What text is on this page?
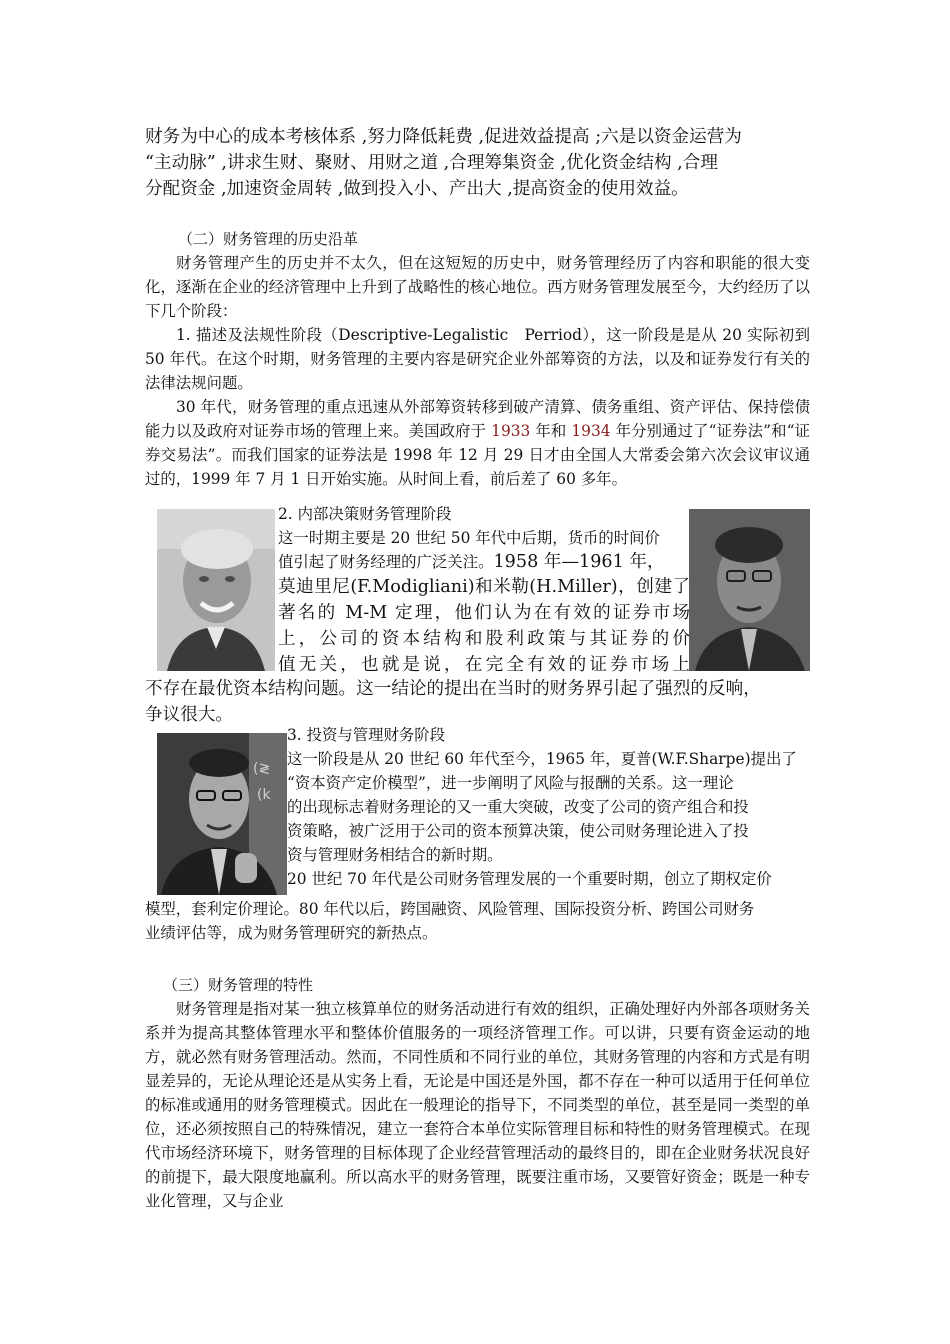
财务为中心的成本考核体系 ,努力降低耗费 ,促进效益提高 ;六是以资金运营为

“主动脉” ,讲求生财、聚财、用财之道 ,合理筹集资金 ,优化资金结构 ,合理

分配资金 ,加速资金周转 ,做到投入小、产出大 ,提高资金的使用效益。

（二）财务管理的历史沿革

财务管理产生的历史并不太久，但在这短短的历史中，财务管理经历了内容和职能的很大变化，逐渐在企业的经济管理中上升到了战略性的核心地位。西方财务管理发展至今，大约经历了以下几个阶段：

1. 描述及法规性阶段（Descriptive-Legalistic　Perriod），这一阶段是是从 20 实际初到 50 年代。在这个时期，财务管理的主要内容是研究企业外部筹资的方法，以及和证券发行有关的法律法规问题。

30 年代，财务管理的重点迅速从外部筹资转移到破产清算、债务重组、资产评估、保持偿债能力以及政府对证券市场的管理上来。美国政府于 1933 年和 1934 年分别通过了“证券法”和“证券交易法”。而我们国家的证券法是 1998 年 12 月 29 日才由全国人大常委会第六次会议审议通过的，1999 年 7 月 1 日开始实施。从时间上看，前后差了 60 多年。

2. 内部决策财务管理阶段
这一时期主要是 20 世纪 50 年代中后期，货币的时间价
值引起了财务经理的广泛关注。1958 年—1961 年，
莫迪里尼(F.Modigliani)和米勒(H.Miller)，创建了
著名的 M-M 定理，他们认为在有效的证券市场
上，公司的资本结构和股利政策与其证券的价
值无关，也就是说，在完全有效的证券市场上

不存在最优资本结构问题。这一结论的提出在当时的财务界引起了强烈的反响，

争议很大。

(≷
(k
3. 投资与管理财务阶段
这一阶段是从 20 世纪 60 年代至今，1965 年，夏普(W.F.Sharpe)提出了
“资本资产定价模型”，进一步阐明了风险与报酬的关系。这一理论
的出现标志着财务理论的又一重大突破，改变了公司的资产组合和投
资策略，被广泛用于公司的资本预算决策，使公司财务理论进入了投
资与管理财务相结合的新时期。
20 世纪 70 年代是公司财务管理发展的一个重要时期，创立了期权定价

模型，套利定价理论。80 年代以后，跨国融资、风险管理、国际投资分析、跨国公司财务

业绩评估等，成为财务管理研究的新热点。

（三）财务管理的特性

财务管理是指对某一独立核算单位的财务活动进行有效的组织，正确处理好内外部各项财务关系并为提高其整体管理水平和整体价值服务的一项经济管理工作。可以讲，只要有资金运动的地方，就必然有财务管理活动。然而，不同性质和不同行业的单位，其财务管理的内容和方式是有明显差异的，无论从理论还是从实务上看，无论是中国还是外国，都不存在一种可以适用于任何单位的标准或通用的财务管理模式。因此在一般理论的指导下，不同类型的单位，甚至是同一类型的单位，还必须按照自己的特殊情况，建立一套符合本单位实际管理目标和特性的财务管理模式。在现代市场经济环境下，财务管理的目标体现了企业经营管理活动的最终目的，即在企业财务状况良好的前提下，最大限度地赢利。所以高水平的财务管理，既要注重市场，又要管好资金；既是一种专业化管理，又与企业
